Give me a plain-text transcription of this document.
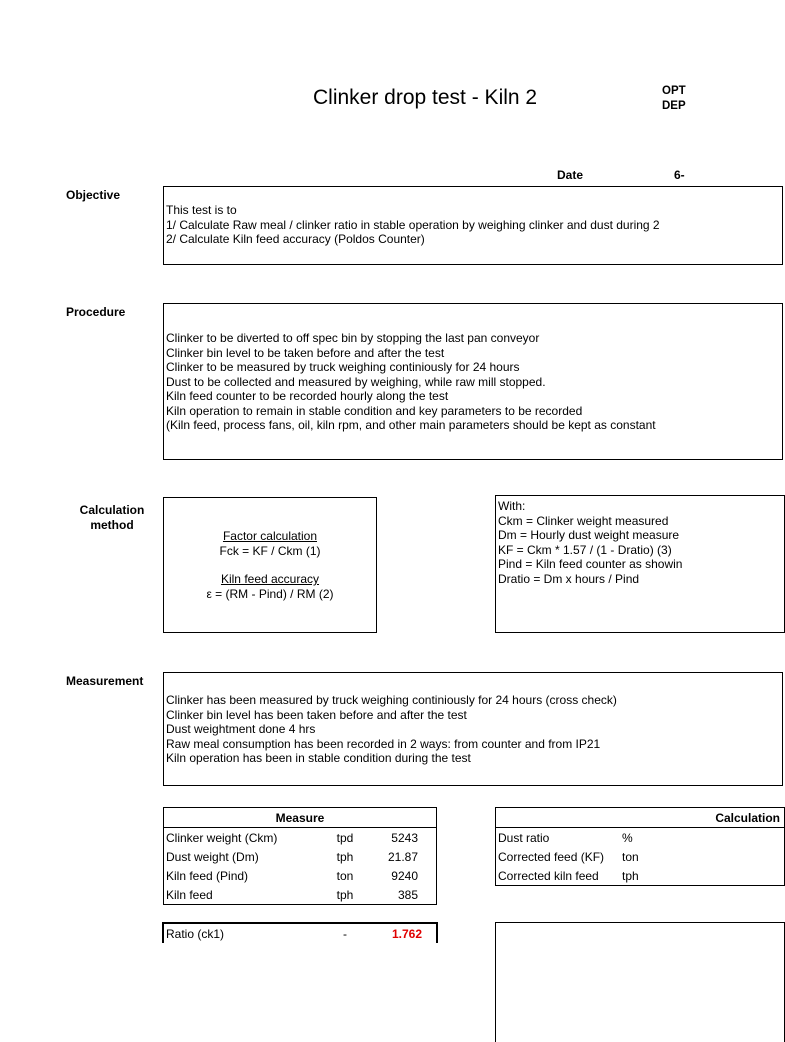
Clinker drop test - Kiln 2	OPT
DEP
Date	6-
Objective
This test is to
1/ Calculate Raw meal / clinker ratio in stable operation by weighing clinker and dust during 2
2/ Calculate Kiln feed accuracy (Poldos Counter)
Procedure
Clinker to be diverted to off spec bin by stopping the last pan conveyor
Clinker bin level to be taken before and after the test
Clinker to be measured by truck weighing continiously for 24 hours
Dust to be collected and measured by weighing, while raw mill stopped.
Kiln feed counter to be recorded hourly along the test
Kiln operation to remain in stable condition and key parameters to be recorded
(Kiln feed, process fans, oil, kiln rpm, and other main parameters should be kept as constant
Calculation
method
Factor calculation
Fck = KF / Ckm (1)
Kiln feed accuracy
ε = (RM - Pind) / RM (2)
With:
Ckm = Clinker weight measured
Dm = Hourly dust weight measure
KF = Ckm * 1.57 / (1 - Dratio) (3)
Pind = Kiln feed counter as showin
Dratio = Dm x hours / Pind
Measurement
Clinker has been measured by truck weighing continiously for 24 hours (cross check)
Clinker bin level has been taken before and after the test
Dust weightment done 4 hrs
Raw meal consumption has been recorded in 2 ways: from counter and from IP21
Kiln operation has been in stable condition during the test
Measure		
Clinker weight (Ckm)	tpd	5243
Dust weight (Dm)	tph	21.87
Kiln feed (Pind)	ton	9240
Kiln feed	tph	385
Ratio (ck1)	-	1.762
Calculation	
Dust ratio	%
Corrected feed (KF)	ton
Corrected kiln feed	tph
